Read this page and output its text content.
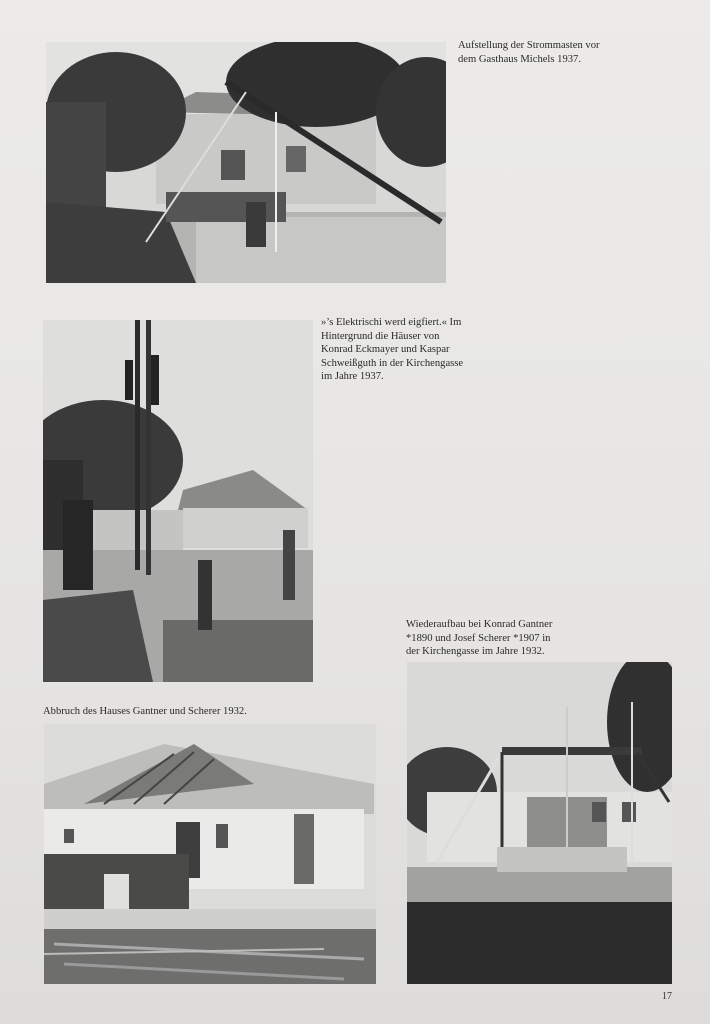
Aufstellung der Strommasten vor
dem Gasthaus Michels 1937.
»’s Elektrischi werd eigfiert.« Im
Hintergrund die Häuser von
Konrad Eckmayer und Kaspar
Schweißguth in der Kirchengasse
im Jahre 1937.
Wiederaufbau bei Konrad Gantner
*1890 und Josef Scherer *1907 in
der Kirchengasse im Jahre 1932.
Abbruch des Hauses Gantner und Scherer 1932.
17
